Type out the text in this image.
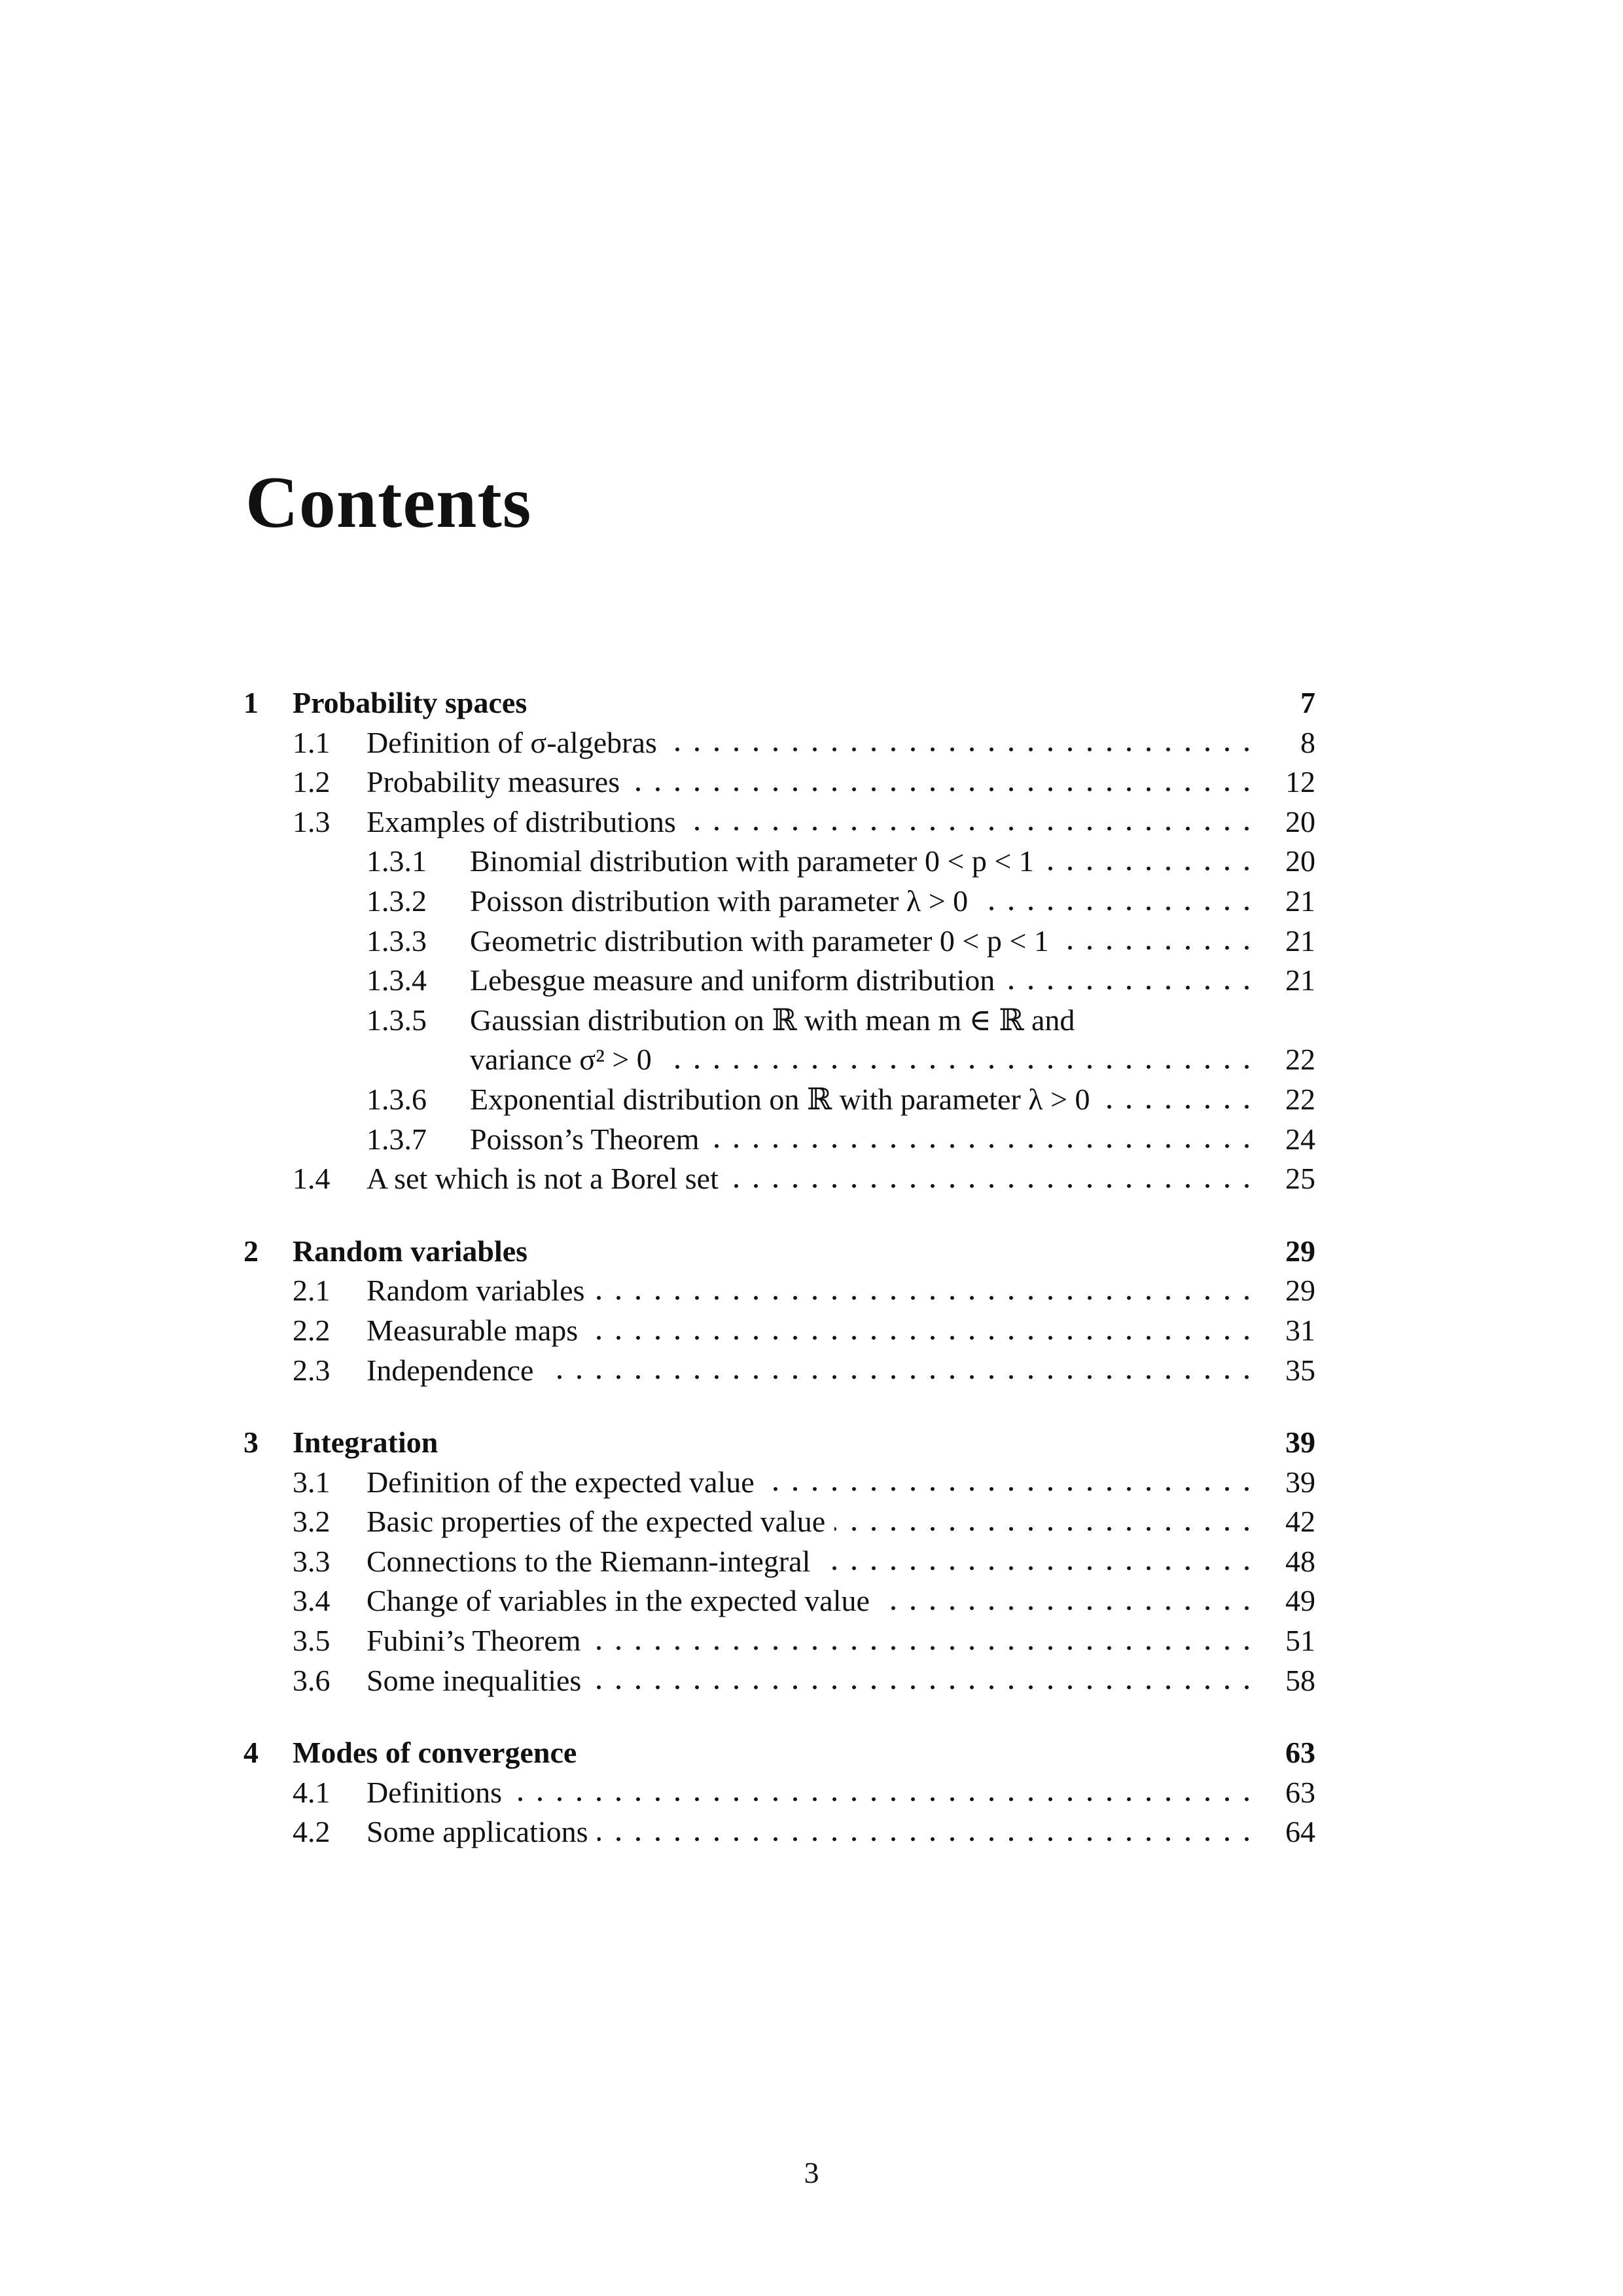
Contents
1 Probability spaces	7
1.1 Definition of σ-algebras	8
1.2 Probability measures	12
1.3 Examples of distributions	20
1.3.1 Binomial distribution with parameter 0 < p < 1	20
1.3.2 Poisson distribution with parameter λ > 0	21
1.3.3 Geometric distribution with parameter 0 < p < 1	21
1.3.4 Lebesgue measure and uniform distribution	21
1.3.5 Gaussian distribution on ℝ with mean m ∈ ℝ and
variance σ² > 0	22
1.3.6 Exponential distribution on ℝ with parameter λ > 0	22
1.3.7 Poisson’s Theorem	24
1.4 A set which is not a Borel set	25
2 Random variables	29
2.1 Random variables	29
2.2 Measurable maps	31
2.3 Independence	35
3 Integration	39
3.1 Definition of the expected value	39
3.2 Basic properties of the expected value	42
3.3 Connections to the Riemann-integral	48
3.4 Change of variables in the expected value	49
3.5 Fubini’s Theorem	51
3.6 Some inequalities	58
4 Modes of convergence	63
4.1 Definitions	63
4.2 Some applications	64
3
